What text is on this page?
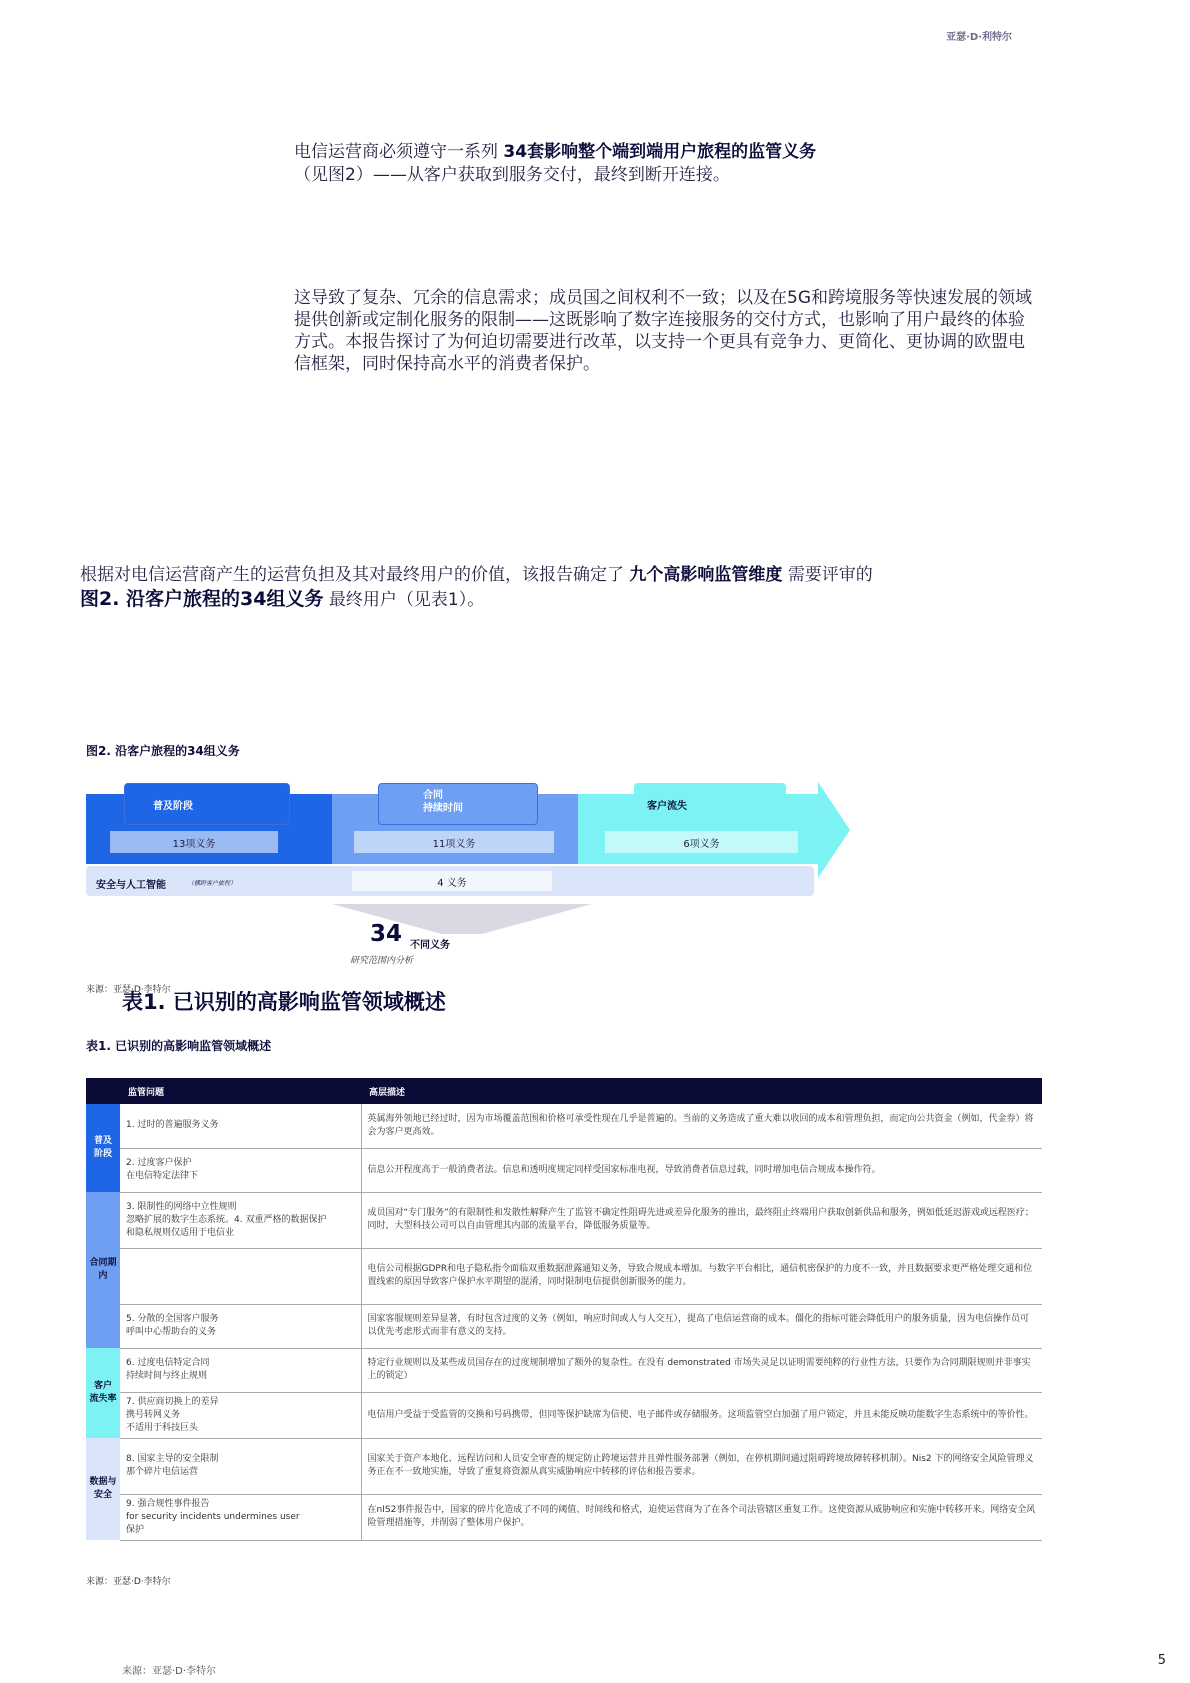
亚瑟·D·利特尔
电信运营商必须遵守一系列 34套影响整个端到端用户旅程的监管义务
（见图2）——从客户获取到服务交付，最终到断开连接。
这导致了复杂、冗余的信息需求；成员国之间权利不一致；以及在5G和跨境服务等快速发展的领域提供创新或定制化服务的限制——这既影响了数字连接服务的交付方式，也影响了用户最终的体验方式。本报告探讨了为何迫切需要进行改革，以支持一个更具有竞争力、更简化、更协调的欧盟电信框架，同时保持高水平的消费者保护。
根据对电信运营商产生的运营负担及其对最终用户的价值，该报告确定了 九个高影响监管维度 需要评审的
图2. 沿客户旅程的34组义务 最终用户（见表1）。
图2. 沿客户旅程的34组义务
普及阶段
合同
持续时间	客户流失
13项义务	11项义务	6项义务
安全与人工智能	（横跨客户旅程）	4 义务
34 不同义务
研究范围内分析
来源：亚瑟·D·李特尔
表1. 已识别的高影响监管领域概述
表1. 已识别的高影响监管领域概述
	监管问题	高层描述
普及
阶段	1. 过时的普遍服务义务	英属海外领地已经过时，因为市场覆盖范围和价格可承受性现在几乎是普遍的。当前的义务造成了重大难以收回的成本和管理负担，而定向公共资金（例如，代金券）将会为客户更高效。
	2. 过度客户保护
在电信特定法律下	信息公开程度高于一般消费者法。信息和透明度规定同样受国家标准电视，导致消费者信息过载，同时增加电信合规成本操作符。
合同期内	3. 限制性的网络中立性规则
忽略扩展的数字生态系统。4. 双重严格的数据保护
和隐私规则仅适用于电信业	成员国对“专门服务”的有限制性和发散性解释产生了监管不确定性阻碍先进或差异化服务的推出，最终阻止终端用户获取创新供品和服务，例如低延迟游戏或远程医疗；同时，大型科技公司可以自由管理其内部的流量平台，降低服务质量等。
		电信公司根据GDPR和电子隐私指令面临双重数据泄露通知义务，导致合规成本增加。与数字平台相比，通信机密保护的力度不一致，并且数据要求更严格处理交通和位置线索的原因导致客户保护水平期望的混淆，同时限制电信提供创新服务的能力。
	5. 分散的全国客户服务
呼叫中心帮助台的义务	国家客服规则差异显著，有时包含过度的义务（例如，响应时间或人与人交互），提高了电信运营商的成本。僵化的指标可能会降低用户的服务质量，因为电信操作员可以优先考虑形式而非有意义的支持。
客户
流失率	6. 过度电信特定合同
持续时间与终止规则	特定行业规则以及某些成员国存在的过度规制增加了额外的复杂性。在没有 demonstrated 市场失灵足以证明需要纯粹的行业性方法，只要作为合同期限规则并非事实上的锁定）
	7. 供应商切换上的差异
携号转网义务
不适用于科技巨头	电信用户受益于受监管的交换和号码携带，但同等保护缺席为信使、电子邮件或存储服务。这项监管空白加强了用户锁定，并且未能反映功能数字生态系统中的等价性。
数据与
安全	8. 国家主导的安全限制
那个碎片电信运营	国家关于资产本地化、远程访问和人员安全审查的规定防止跨境运营并且弹性服务部署（例如，在停机期间通过阻碍跨境故障转移机制）。Nis2 下的网络安全风险管理义务正在不一致地实施，导致了重复将资源从真实威胁响应中转移的评估和报告要求。
	9. 强合规性事件报告
for security incidents undermines user
保护	在nIS2事件报告中，国家的碎片化造成了不同的阈值、时间线和格式，迫使运营商为了在各个司法管辖区重复工作。这使资源从威胁响应和实施中转移开来。网络安全风险管理措施等，并削弱了整体用户保护。
来源：亚瑟·D·李特尔
5
来源：亚瑟·D·李特尔
